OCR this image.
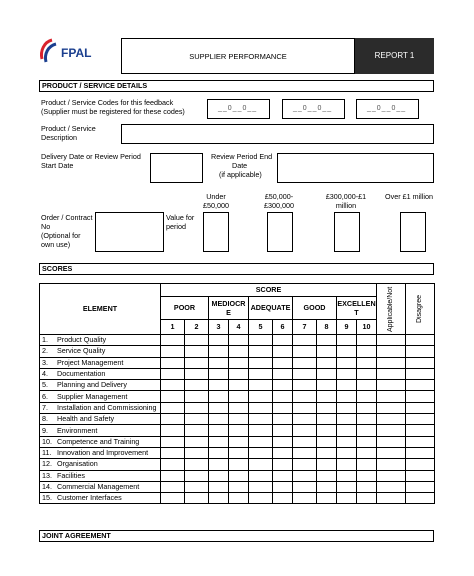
FPAL	SUPPLIER PERFORMANCE	REPORT 1
PRODUCT / SERVICE DETAILS
Product / Service Codes for this feedback
(Supplier must be registered for these codes)	__0__0__	__0__0__	__0__0__
Product / Service
Description
Delivery Date or Review Period
Start Date
Review Period End
Date
(if applicable)
Order / Contract
No
(Optional for
own use)
Value for
period
Under
£50,000
£50,000-
£300,000
£300,000-£1
million
Over £1 million
SCORES
ELEMENT	SCORE										Applicable/Not	Disagree

	POOR		MEDIOCR E		ADEQUATE		GOOD		EXCELLEN T			
	1	2	3	4	5	6	7	8	9	10		
1. Product Quality												
2. Service Quality												
3. Project Management												
4. Documentation												
5. Planning and Delivery												
6. Supplier Management												
7. Installation and Commissioning												
8. Health and Safety												
9. Environment												
10. Competence and Training												
11. Innovation and Improvement												
12. Organisation												
13. Facilities												
14. Commercial Management												
15. Customer Interfaces												
JOINT AGREEMENT
